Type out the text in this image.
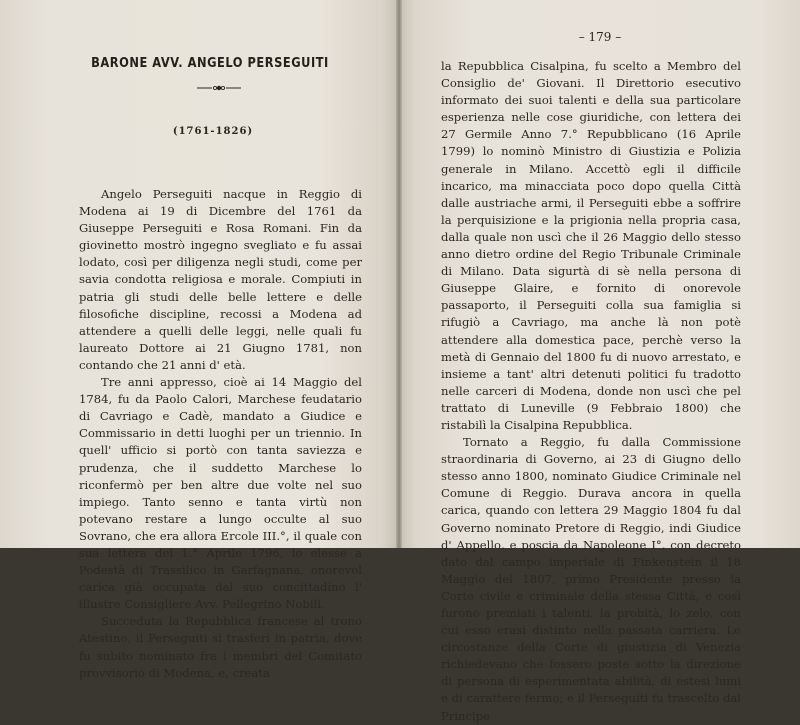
BARONE AVV. ANGELO PERSEGUITI
(1761-1826)

Angelo Perseguiti nacque in Reggio di Modena ai 19 di Dicembre del 1761 da Giuseppe Perseguiti e Rosa Romani. Fin da giovinetto mostrò ingegno svegliato e fu assai lodato, così per diligenza negli studi, come per savia condotta religiosa e morale. Compiuti in patria gli studi delle belle lettere e delle filosofiche discipline, recossi a Modena ad attendere a quelli delle leggi, nelle quali fu laureato Dottore ai 21 Giugno 1781, non contando che 21 anni d' età.

Tre anni appresso, cioè ai 14 Maggio del 1784, fu da Paolo Calori, Marchese feudatario di Cavriago e Cadè, mandato a Giudice e Commissario in detti luoghi per un triennio. In quell' ufficio si portò con tanta saviezza e prudenza, che il suddetto Marchese lo riconfermò per ben altre due volte nel suo impiego. Tanto senno e tanta virtù non potevano restare a lungo occulte al suo Sovrano, che era allora Ercole III.°, il quale con sua lettera del 1.° Aprile 1796, lo elesse a Podestà di Trassilico in Garfagnana, onorevol carica già occupata dal suo concittadino l' illustre Consigliere Avv. Pellegrino Nobili.

Succeduta la Repubblica francese al trono Atestino, il Perseguiti si trasferì in patria, dove fu subito nominato fra i membri del Comitato provvisorio di Modena, e, creata

– 179 –

la Repubblica Cisalpina, fu scelto a Membro del Consiglio de' Giovani. Il Direttorio esecutivo informato dei suoi talenti e della sua particolare esperienza nelle cose giuridiche, con lettera dei 27 Germile Anno 7.° Repubblicano (16 Aprile 1799) lo nominò Ministro di Giustizia e Polizia generale in Milano. Accettò egli il difficile incarico, ma minacciata poco dopo quella Città dalle austriache armi, il Perseguiti ebbe a soffrire la perquisizione e la prigionia nella propria casa, dalla quale non uscì che il 26 Maggio dello stesso anno dietro ordine del Regio Tribunale Criminale di Milano. Data sigurtà di sè nella persona di Giuseppe Glaire, e fornito di onorevole passaporto, il Perseguiti colla sua famiglia si rifugiò a Cavriago, ma anche là non potè attendere alla domestica pace, perchè verso la metà di Gennaio del 1800 fu di nuovo arrestato, e insieme a tant' altri detenuti politici fu tradotto nelle carceri di Modena, donde non uscì che pel trattato di Luneville (9 Febbraio 1800) che ristabilì la Cisalpina Repubblica.

Tornato a Reggio, fu dalla Commissione straordinaria di Governo, ai 23 di Giugno dello stesso anno 1800, nominato Giudice Criminale nel Comune di Reggio. Durava ancora in quella carica, quando con lettera 29 Maggio 1804 fu dal Governo nominato Pretore di Reggio, indi Giudice d' Appello, e poscia da Napoleone I°, con decreto dato dal campo imperiale di Finkenstein il 18 Maggio del 1807, primo Presidente presso la Corte civile e criminale della stessa Città, e così furono premiati i talenti, la probità, lo zelo, con cui esso erasi distinto nella passata carriera. Le circostanze della Corte di giustizia di Venezia richiedevano che fossero poste sotto la direzione di persona di esperimentata abilità, di estesi lumi e di carattere fermo; e il Perseguiti fu trascelto dal Principe
